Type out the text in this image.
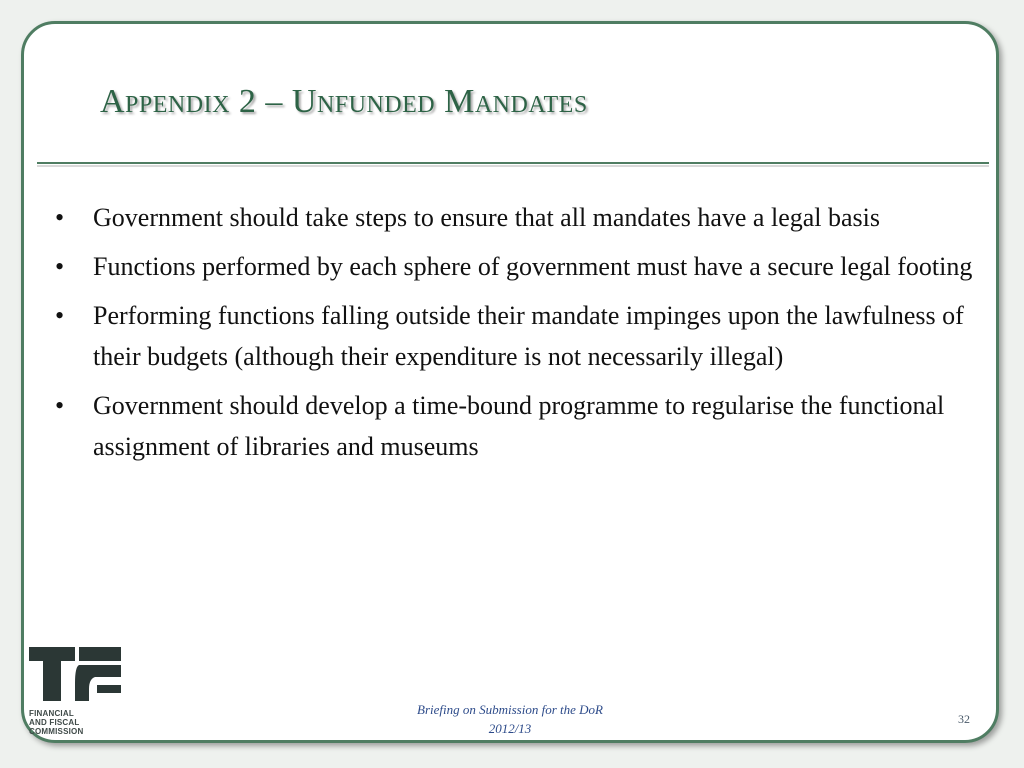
Appendix 2 – Unfunded Mandates
• Government should take steps to ensure that all mandates have a legal basis
• Functions performed by each sphere of government must have a secure legal footing
• Performing functions falling outside their mandate impinges upon the lawfulness of their budgets (although their expenditure is not necessarily illegal)
• Government should develop a time-bound programme to regularise the functional assignment of libraries and museums
FINANCIAL
AND FISCAL
COMMISSION
Briefing on Submission for the DoR
2012/13
32
